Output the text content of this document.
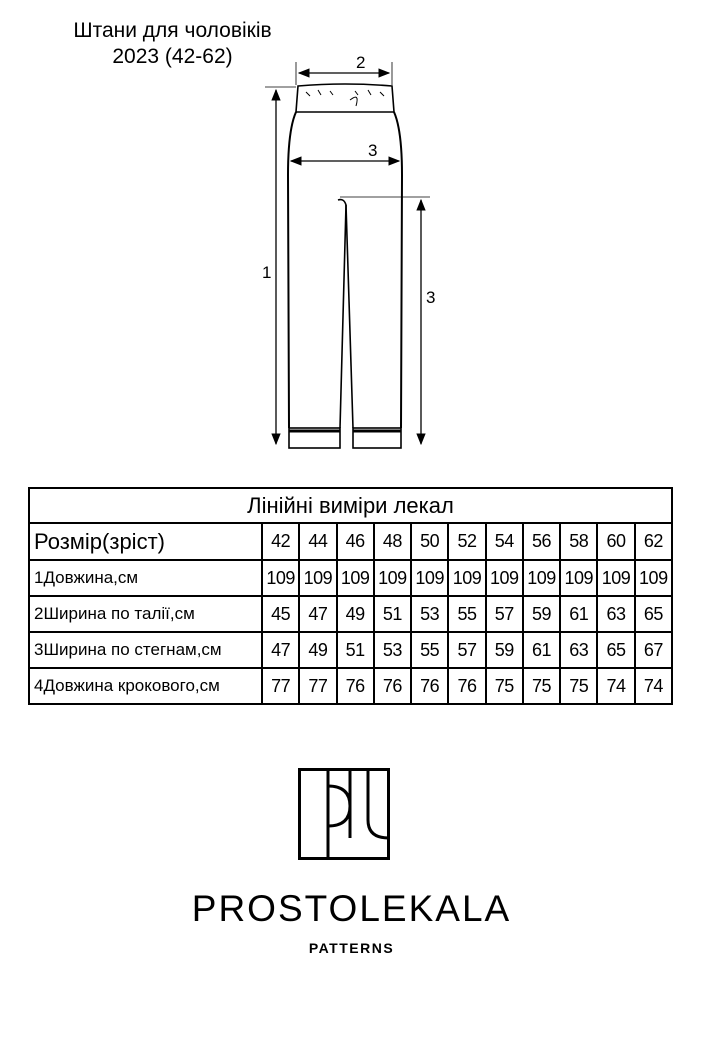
Штани для чоловіків
2023 (42-62)
1
2
3
3
Лінійні виміри лекал											
Розмір(зріст)	42	44	46	48	50	52	54	56	58	60	62
1Довжина,см	109	109	109	109	109	109	109	109	109	109	109
2Ширина по талії,см	45	47	49	51	53	55	57	59	61	63	65
3Ширина по стегнам,см	47	49	51	53	55	57	59	61	63	65	67
4Довжина крокового,см	77	77	76	76	76	76	75	75	75	74	74
PROSTOLEKALA
PATTERNS
